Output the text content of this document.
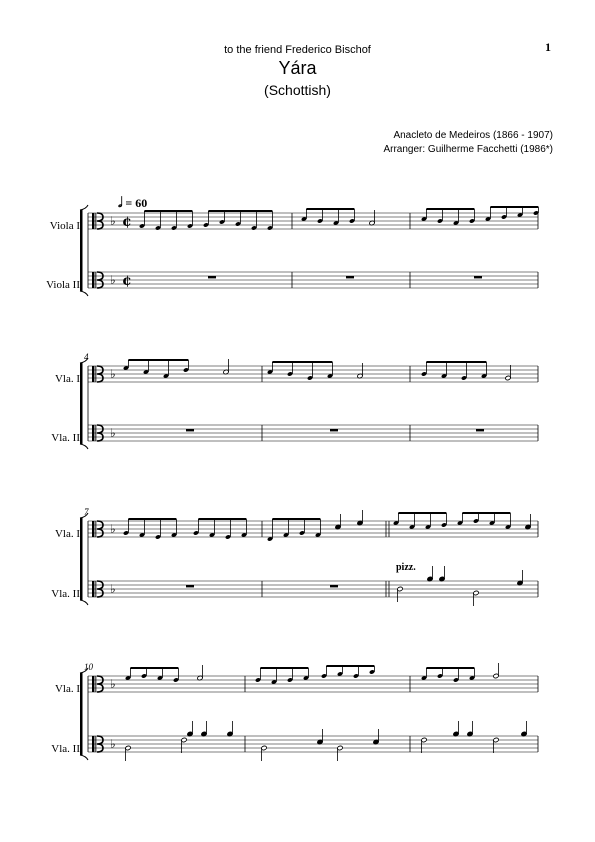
1
to the friend Frederico Bischof
Yára
(Schottish)
Anacleto de Medeiros (1866 - 1907)
Arranger: Guilherme Facchetti (1986*)
Viola I
Viola II
Vla. I
Vla. II
Vla. I
Vla. II
Vla. I
Vla. II
4
7
10
𝅗𝅥 = 60
pizz.
♭
♭
¢
¢
♭
♭
♭
♭
♭
♭
